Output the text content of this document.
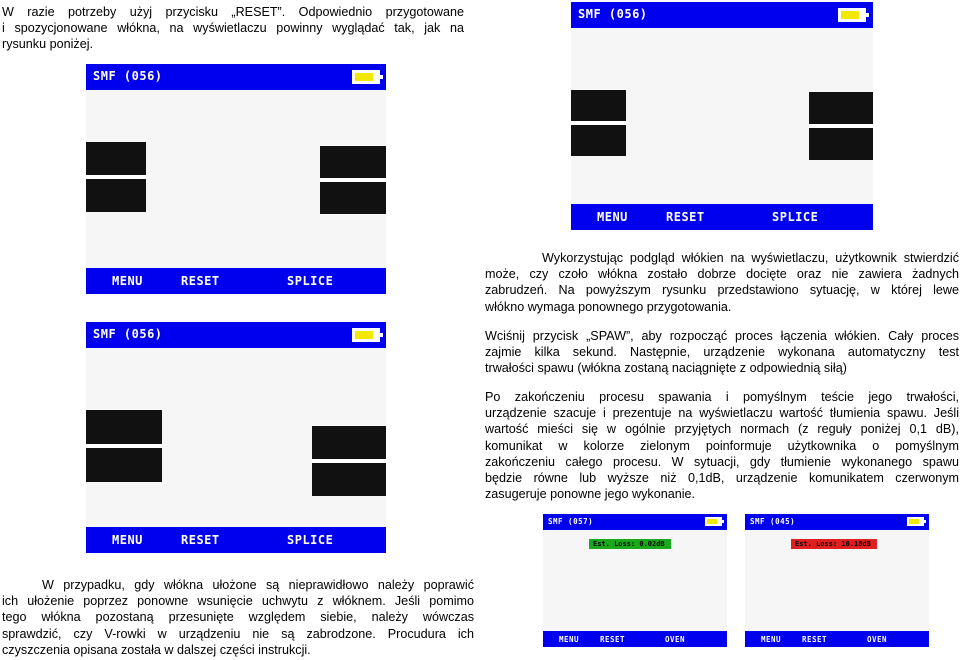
W razie potrzeby użyj przycisku „RESET”. Odpowiednio przygotowane
i spozycjonowane włókna, na wyświetlaczu powinny wyglądać tak, jak na
rysunku poniżej.
SMF (056)
MENU	RESET	SPLICE
SMF (056)
MENU	RESET	SPLICE
Wykorzystując podgląd włókien na wyświetlaczu, użytkownik stwierdzić
może, czy czoło włókna zostało dobrze docięte oraz nie zawiera żadnych
zabrudzeń. Na powyższym rysunku przedstawiono sytuację, w której lewe
włókno wymaga ponownego przygotowania.
SMF (056)
MENU	RESET	SPLICE
Wciśnij przycisk „SPAW”, aby rozpocząć proces łączenia włókien. Cały proces
zajmie kilka sekund. Następnie, urządzenie wykonana automatyczny test
trwałości spawu (włókna zostaną naciągnięte z odpowiednią siłą)
Po zakończeniu procesu spawania i pomyślnym teście jego trwałości,
urządzenie szacuje i prezentuje na wyświetlaczu wartość tłumienia spawu. Jeśli
wartość mieści się w ogólnie przyjętych normach (z reguły poniżej 0,1 dB),
komunikat w kolorze zielonym poinformuje użytkownika o pomyślnym
zakończeniu całego procesu. W sytuacji, gdy tłumienie wykonanego spawu
będzie równe lub wyższe niż 0,1dB, urządzenie komunikatem czerwonym
zasugeruje ponowne jego wykonanie.
SMF (057)
Est. Loss: 0.02dB
MENU	RESET	OVEN
SMF (045)
Est. Loss: 10.18dB
MENU	RESET	OVEN
W przypadku, gdy włókna ułożone są nieprawidłowo należy poprawić
ich ułożenie poprzez ponowne wsunięcie uchwytu z włóknem. Jeśli pomimo
tego włókna pozostaną przesunięte względem siebie, należy wówczas
sprawdzić, czy V-rowki w urządzeniu nie są zabrodzone. Procudura ich
czyszczenia opisana została w dalszej części instrukcji.
